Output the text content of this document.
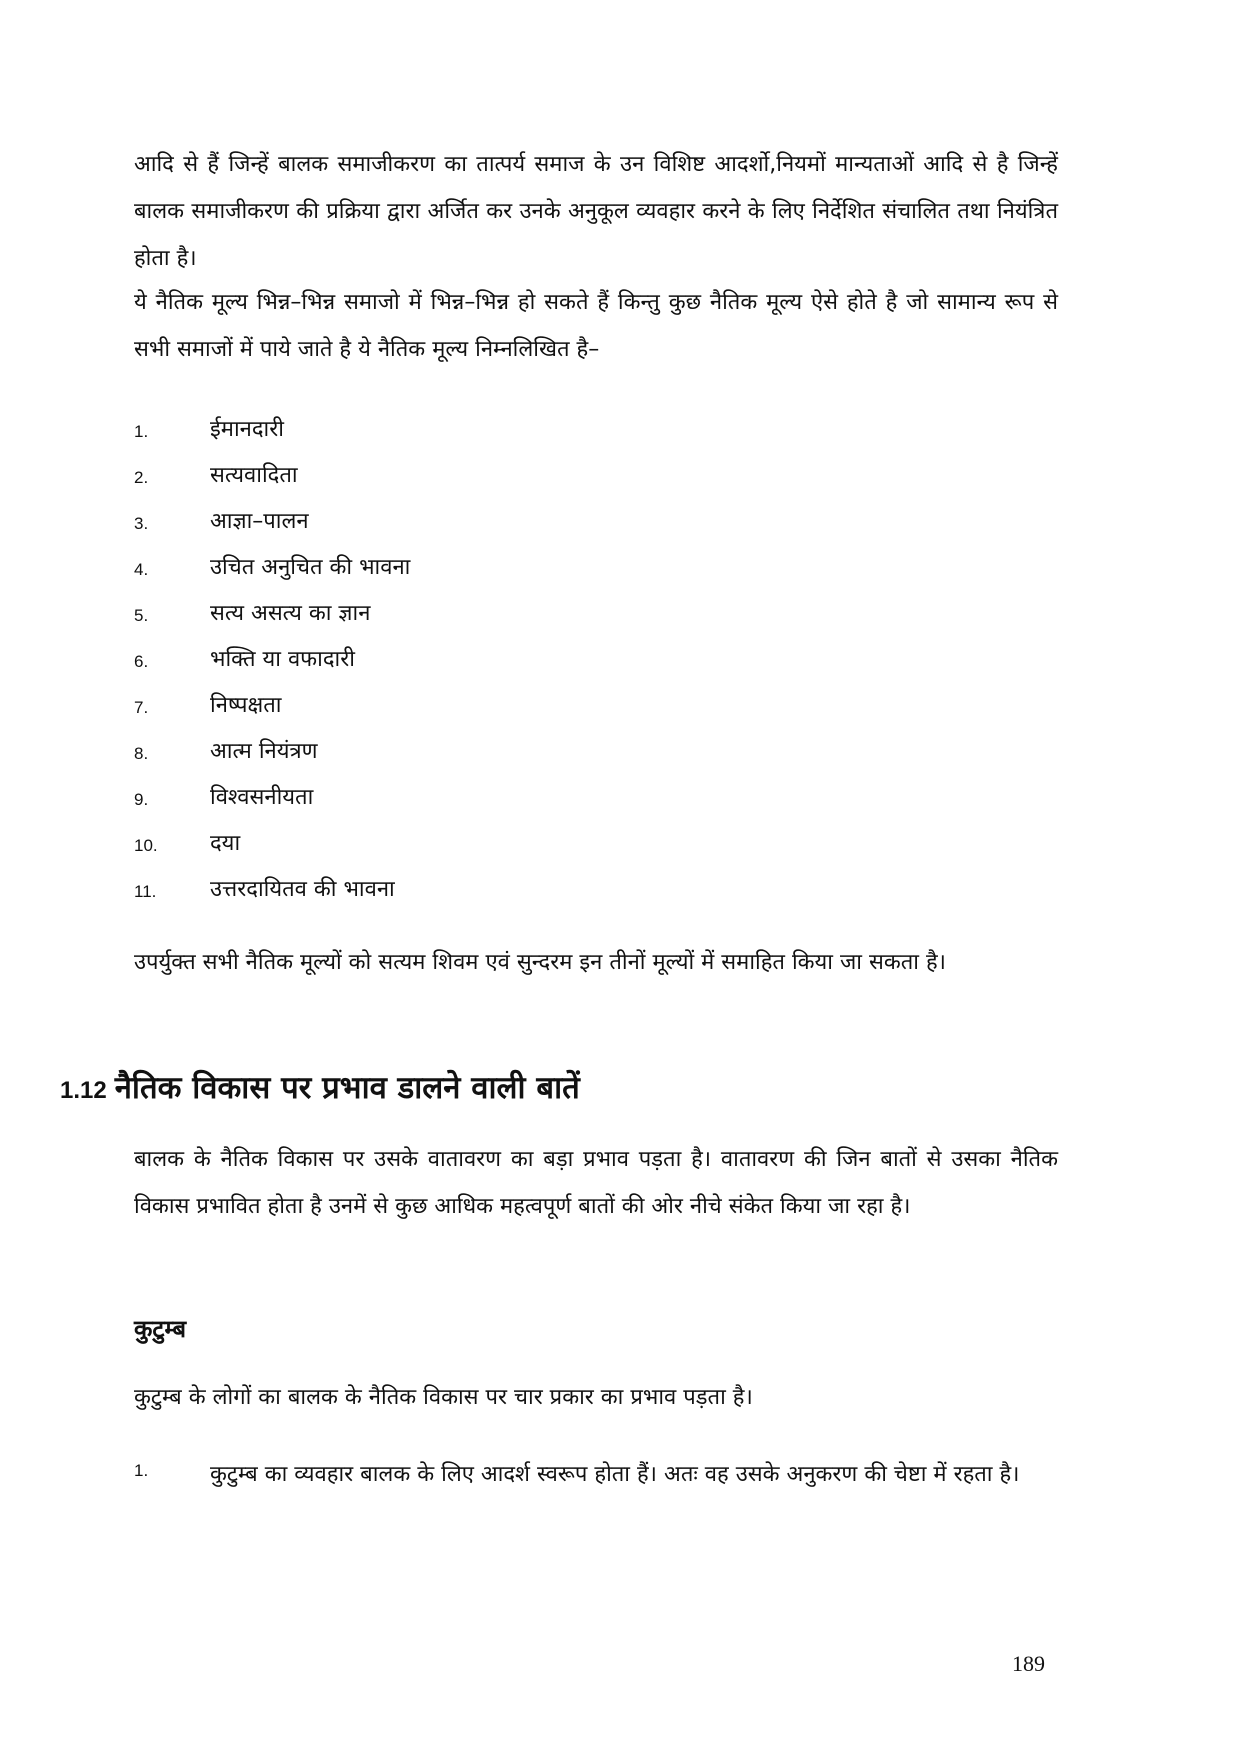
आदि से हैं जिन्हें बालक समाजीकरण का तात्पर्य समाज के उन विशिष्ट आदर्शो,नियमों मान्यताओं आदि से है जिन्हें बालक समाजीकरण की प्रक्रिया द्वारा अर्जित कर उनके अनुकूल व्यवहार करने के लिए निर्देशित संचालित तथा नियंत्रित होता है।

ये नैतिक मूल्य भिन्न–भिन्न समाजो में भिन्न–भिन्न हो सकते हैं किन्तु कुछ नैतिक मूल्य ऐसे होते है जो सामान्य रूप से सभी समाजों में पाये जाते है ये नैतिक मूल्य निम्नलिखित है–

1.	ईमानदारी
2.	सत्यवादिता
3.	आज्ञा–पालन
4.	उचित अनुचित की भावना
5.	सत्य असत्य का ज्ञान
6.	भक्ति या वफादारी
7.	निष्पक्षता
8.	आत्म नियंत्रण
9.	विश्वसनीयता
10. दया
11. उत्तरदायितव की भावना

उपर्युक्त सभी नैतिक मूल्यों को सत्यम शिवम एवं सुन्दरम इन तीनों मूल्यों में समाहित किया जा सकता है।

1.12 नैतिक विकास पर प्रभाव डालने वाली बातें

बालक के नैतिक विकास पर उसके वातावरण का बड़ा प्रभाव पड़ता है। वातावरण की जिन बातों से उसका नैतिक विकास प्रभावित होता है उनमें से कुछ आधिक महत्वपूर्ण बातों की ओर नीचे संकेत किया जा रहा है।

कुटुम्ब

कुटुम्ब के लोगों का बालक के नैतिक विकास पर चार प्रकार का प्रभाव पड़ता है।

1.	कुटुम्ब का व्यवहार बालक के लिए आदर्श स्वरूप होता हैं। अतः वह उसके अनुकरण की चेष्टा में रहता है।

189
